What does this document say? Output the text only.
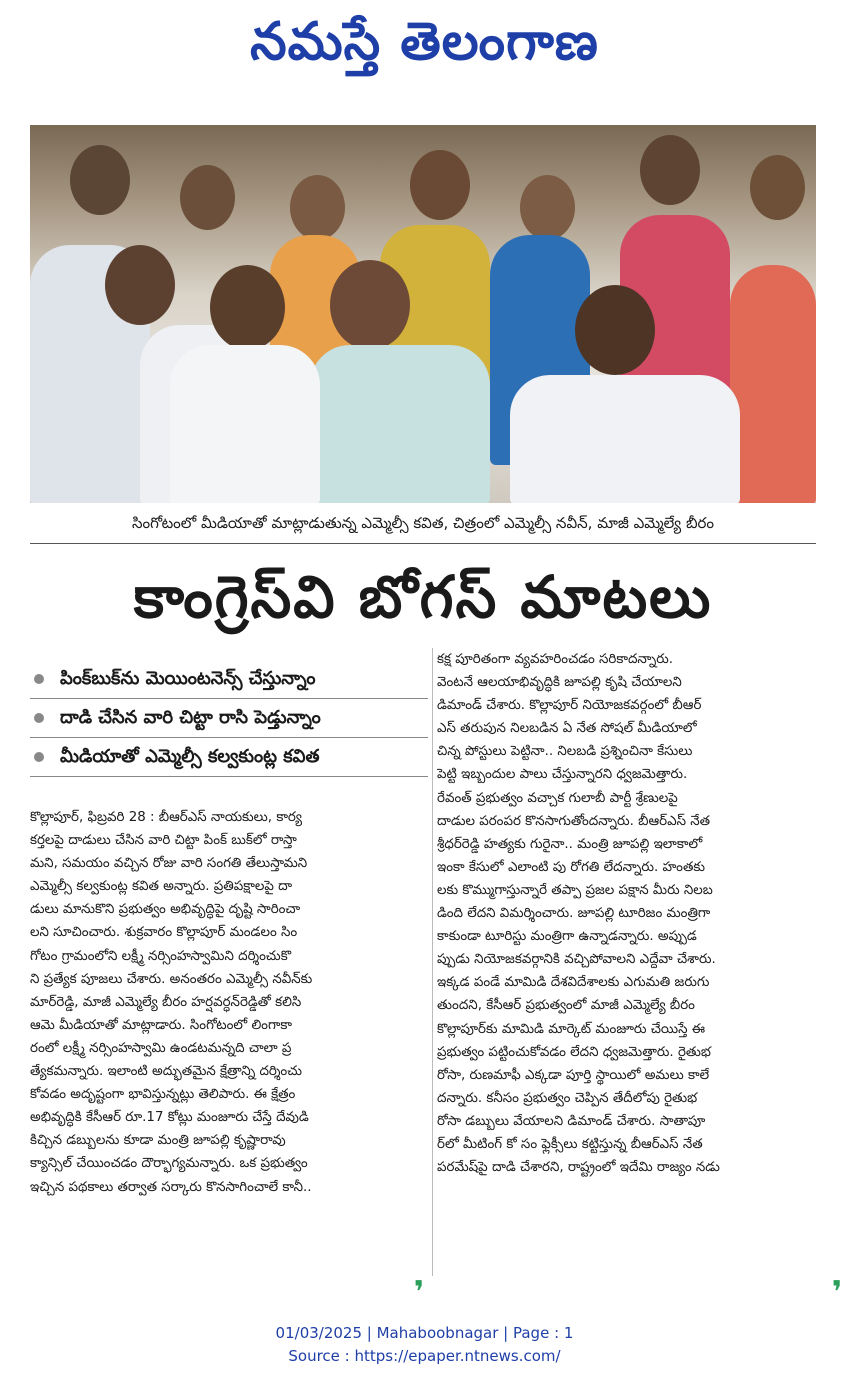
నమస్తే తెలంగాణ
సింగోటంలో మీడియాతో మాట్లాడుతున్న ఎమ్మెల్సీ కవిత, చిత్రంలో ఎమ్మెల్సీ నవీన్, మాజీ ఎమ్మెల్యే బీరం
కాంగ్రెస్‌వి బోగస్ మాటలు
పింక్‌బుక్‌ను మెయింటనెన్స్ చేస్తున్నాం
దాడి చేసిన వారి చిట్టా రాసి పెడ్తున్నాం
మీడియాతో ఎమ్మెల్సీ కల్వకుంట్ల కవిత
కొల్లాపూర్, ఫిబ్రవరి 28 : బీఆర్‌ఎస్ నాయకులు, కార్య
కర్తలపై దాడులు చేసిన వారి చిట్టా పింక్ బుక్‌లో రాస్తా
మని, సమయం వచ్చిన రోజు వారి సంగతి తేలుస్తామని
ఎమ్మెల్సీ కల్వకుంట్ల కవిత అన్నారు. ప్రతిపక్షాలపై దా
డులు మానుకొని ప్రభుత్వం అభివృద్ధిపై దృష్టి సారించా
లని సూచించారు. శుక్రవారం కొల్లాపూర్ మండలం సిం
గోటం గ్రామంలోని లక్ష్మీ నర్సింహస్వామిని దర్శించుకొ
ని ప్రత్యేక పూజలు చేశారు. అనంతరం ఎమ్మెల్సీ నవీన్‌కు
మార్‌రెడ్డి, మాజీ ఎమ్మెల్యే బీరం హర్షవర్ధన్‌రెడ్డితో కలిసి
ఆమె మీడియాతో మాట్లాడారు. సింగోటంలో లింగాకా
రంలో లక్ష్మీ నర్సింహస్వామి ఉండటమన్నది చాలా ప్ర
త్యేకమన్నారు. ఇలాంటి అద్భుతమైన క్షేత్రాన్ని దర్శించు
కోవడం అదృష్టంగా భావిస్తున్నట్లు తెలిపారు. ఈ క్షేత్రం
అభివృద్ధికి కేసీఆర్ రూ.17 కోట్లు మంజూరు చేస్తే దేవుడి
కిచ్చిన డబ్బులను కూడా మంత్రి జూపల్లి కృష్ణారావు
క్యాన్సిల్ చేయించడం దౌర్భాగ్యమన్నారు. ఒక ప్రభుత్వం
ఇచ్చిన పథకాలు తర్వాత సర్కారు కొనసాగించాలే కానీ..
కక్ష పూరితంగా వ్యవహరించడం సరికాదన్నారు.
వెంటనే ఆలయాభివృద్ధికి జూపల్లి కృషి చేయాలని
డిమాండ్ చేశారు. కొల్లాపూర్ నియోజకవర్గంలో బీఆర్
ఎస్ తరుపున నిలబడిన ఏ నేత సోషల్ మీడియాలో
చిన్న పోస్టులు పెట్టినా.. నిలబడి ప్రశ్నించినా కేసులు
పెట్టి ఇబ్బందుల పాలు చేస్తున్నారని ధ్వజమెత్తారు.
రేవంత్ ప్రభుత్వం వచ్చాక గులాబీ పార్టీ శ్రేణులపై
దాడుల పరంపర కొనసాగుతోందన్నారు. బీఆర్‌ఎస్ నేత
శ్రీధర్‌రెడ్డి హత్యకు గురైనా.. మంత్రి జూపల్లి ఇలాకాలో
ఇంకా కేసులో ఎలాంటి పు రోగతి లేదన్నారు. హంతకు
లకు కొమ్ముగాస్తున్నారే తప్పా ప్రజల పక్షాన మీరు నిలబ
డింది లేదని విమర్శించారు. జూపల్లి టూరిజం మంత్రిగా
కాకుండా టూరిస్టు మంత్రిగా ఉన్నాడన్నారు. అప్పుడ
ప్పుడు నియోజకవర్గానికి వచ్చిపోవాలని ఎద్దేవా చేశారు.
ఇక్కడ పండే మామిడి దేశవిదేశాలకు ఎగుమతి జరుగు
తుందని, కేసీఆర్ ప్రభుత్వంలో మాజీ ఎమ్మెల్యే బీరం
కొల్లాపూర్‌కు మామిడి మార్కెట్ మంజూరు చేయిస్తే ఈ
ప్రభుత్వం పట్టించుకోవడం లేదని ధ్వజమెత్తారు. రైతుభ
రోసా, రుణమాఫీ ఎక్కడా పూర్తి స్థాయిలో అమలు కాలే
దన్నారు. కనీసం ప్రభుత్వం చెప్పిన తేదీలోపు రైతుభ
రోసా డబ్బులు వేయాలని డిమాండ్ చేశారు. సాతాపూ
ర్‌లో మీటింగ్ కో సం ఫ్లెక్సీలు కట్టిస్తున్న బీఆర్‌ఎస్ నేత
పరమేష్‌పై దాడి చేశారని, రాష్ట్రంలో ఇదేమి రాజ్యం నడు
❜	❜
01/03/2025 | Mahaboobnagar | Page : 1
Source : https://epaper.ntnews.com/
